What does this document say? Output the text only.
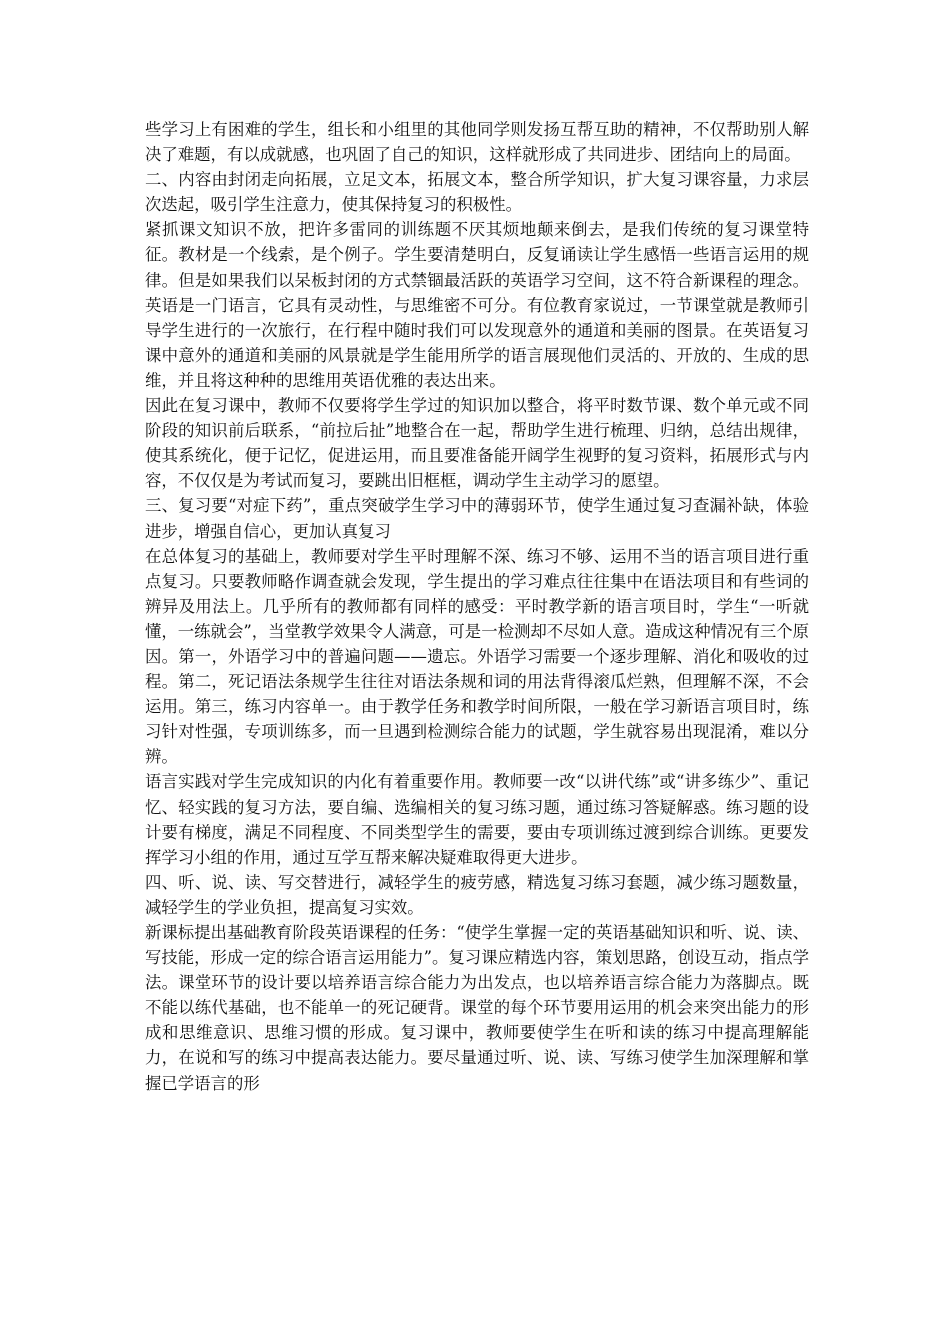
些学习上有困难的学生，组长和小组里的其他同学则发扬互帮互助的精神，不仅帮助别人解决了难题，有以成就感，也巩固了自己的知识，这样就形成了共同进步、团结向上的局面。

二、内容由封闭走向拓展，立足文本，拓展文本，整合所学知识，扩大复习课容量，力求层次迭起，吸引学生注意力，使其保持复习的积极性。

紧抓课文知识不放，把许多雷同的训练题不厌其烦地颠来倒去，是我们传统的复习课堂特征。教材是一个线索，是个例子。学生要清楚明白，反复诵读让学生感悟一些语言运用的规律。但是如果我们以呆板封闭的方式禁锢最活跃的英语学习空间，这不符合新课程的理念。英语是一门语言，它具有灵动性，与思维密不可分。有位教育家说过，一节课堂就是教师引导学生进行的一次旅行，在行程中随时我们可以发现意外的通道和美丽的图景。在英语复习课中意外的通道和美丽的风景就是学生能用所学的语言展现他们灵活的、开放的、生成的思维，并且将这种种的思维用英语优雅的表达出来。

因此在复习课中，教师不仅要将学生学过的知识加以整合，将平时数节课、数个单元或不同阶段的知识前后联系，“前拉后扯”地整合在一起，帮助学生进行梳理、归纳，总结出规律，使其系统化，便于记忆，促进运用，而且要准备能开阔学生视野的复习资料，拓展形式与内容，不仅仅是为考试而复习，要跳出旧框框，调动学生主动学习的愿望。

三、复习要“对症下药”，重点突破学生学习中的薄弱环节，使学生通过复习查漏补缺，体验进步，增强自信心，更加认真复习

在总体复习的基础上，教师要对学生平时理解不深、练习不够、运用不当的语言项目进行重点复习。只要教师略作调查就会发现，学生提出的学习难点往往集中在语法项目和有些词的辨异及用法上。几乎所有的教师都有同样的感受：平时教学新的语言项目时，学生“一听就懂，一练就会”，当堂教学效果令人满意，可是一检测却不尽如人意。造成这种情况有三个原因。第一，外语学习中的普遍问题——遗忘。外语学习需要一个逐步理解、消化和吸收的过程。第二，死记语法条规学生往往对语法条规和词的用法背得滚瓜烂熟，但理解不深，不会运用。第三，练习内容单一。由于教学任务和教学时间所限，一般在学习新语言项目时，练习针对性强，专项训练多，而一旦遇到检测综合能力的试题，学生就容易出现混淆，难以分辨。

语言实践对学生完成知识的内化有着重要作用。教师要一改“以讲代练”或“讲多练少”、重记忆、轻实践的复习方法，要自编、选编相关的复习练习题，通过练习答疑解惑。练习题的设计要有梯度，满足不同程度、不同类型学生的需要，要由专项训练过渡到综合训练。更要发挥学习小组的作用，通过互学互帮来解决疑难取得更大进步。

四、听、说、读、写交替进行，减轻学生的疲劳感，精选复习练习套题，减少练习题数量，减轻学生的学业负担，提高复习实效。

新课标提出基础教育阶段英语课程的任务：“使学生掌握一定的英语基础知识和听、说、读、写技能，形成一定的综合语言运用能力”。复习课应精选内容，策划思路，创设互动，指点学法。课堂环节的设计要以培养语言综合能力为出发点，也以培养语言综合能力为落脚点。既不能以练代基础，也不能单一的死记硬背。课堂的每个环节要用运用的机会来突出能力的形成和思维意识、思维习惯的形成。复习课中，教师要使学生在听和读的练习中提高理解能力，在说和写的练习中提高表达能力。要尽量通过听、说、读、写练习使学生加深理解和掌握已学语言的形
